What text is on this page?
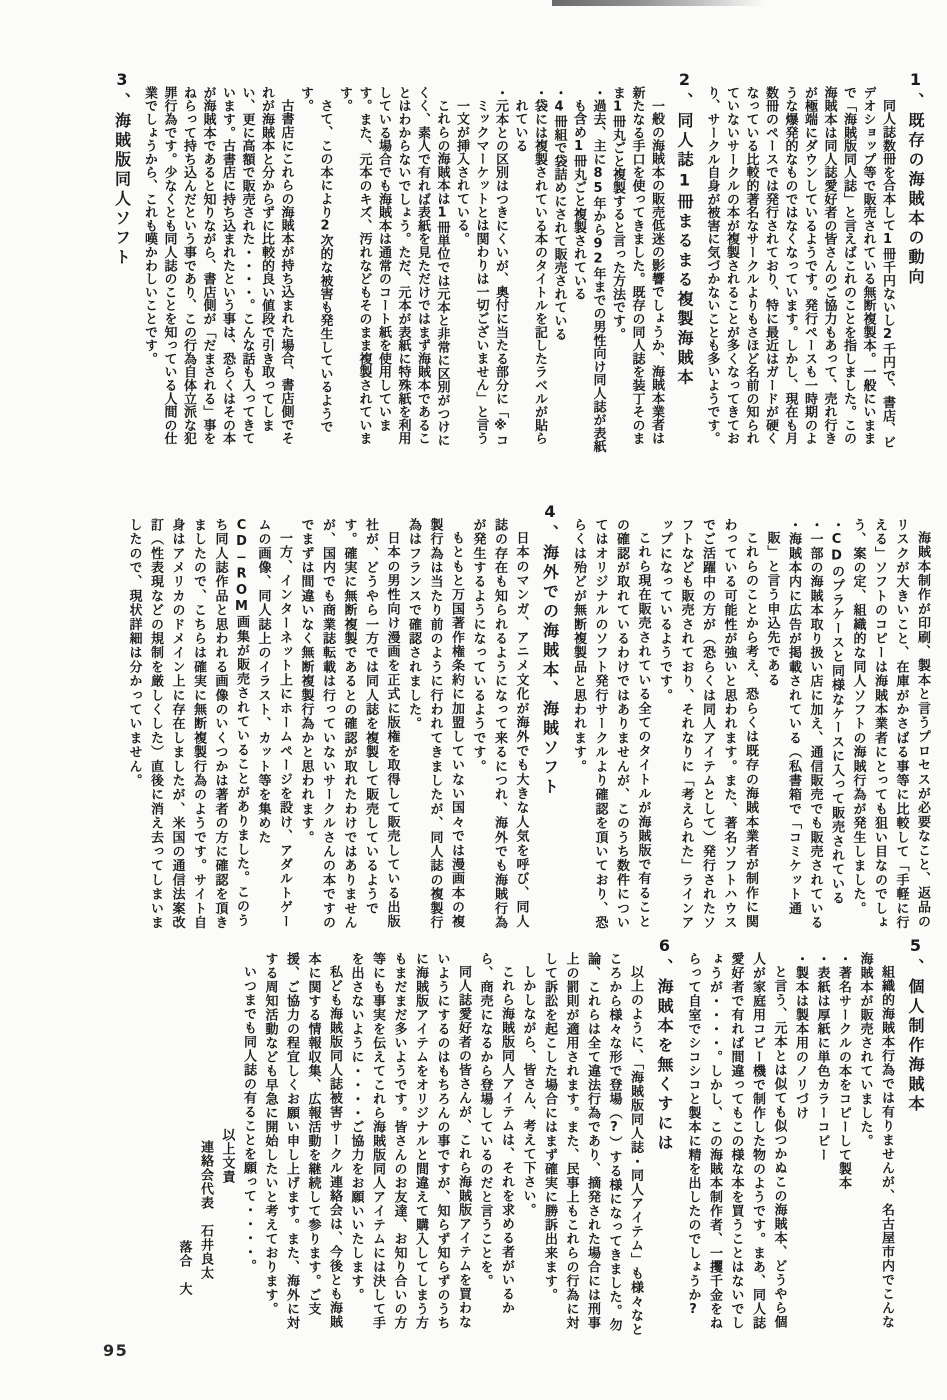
1、既存の海賊本の動向

同人誌数冊を合本して1冊千円ないし2千円で、書店、ビデオショップ等で販売されている無断複製本。一般にいままで「海賊版同人誌」と言えばこれのことを指しました。この海賊本は同人誌愛好者の皆さんのご協力もあって、売れ行きが極端にダウンしているようです。発行ペースも一時期のような爆発的なものではなくなっています。しかし、現在も月数冊のペースでは発行されており、特に最近はガードが硬くなっている比較的著名なサークルよりもさほど名前の知られていないサークルの本が複製されることが多くなってきており、サークル自身が被害に気づかないことも多いようです。

2、同人誌1冊まるまる複製海賊本

一般の海賊本の販売低迷の影響でしょうか、海賊本業者は新たなる手口を使ってきました。既存の同人誌を装丁そのまま1冊丸ごと複製すると言った方法です。

・過去、主に85年から92年までの男性向け同人誌が表紙も含め1冊丸ごと複製されている

・4冊組で袋詰めにされて販売されている

・袋には複製されている本のタイトルを記したラベルが貼られている

・元本との区別はつきにくいが、奥付に当たる部分に「※コミックマーケットとは関わりは一切ございません」と言う一文が挿入されている。

これらの海賊本は1冊単位では元本と非常に区別がつけにくく、素人で有れば表紙を見ただけではまず海賊本であることはわからないでしょう。ただ、元本が表紙に特殊紙を利用している場合でも海賊本は通常のコート紙を使用しています。また、元本のキズ、汚れなどもそのまま複製されています。

さて、この本により2次的な被害も発生しているようです。

古書店にこれらの海賊本が持ち込まれた場合、書店側でそれが海賊本と分からずに比較的良い値段で引き取ってしまい、更に高額で販売された・・・・。こんな話も入ってきています。古書店に持ち込まれたという事は、恐らくはその本が海賊本であると知りながら、書店側が「だまされる」事をねらって持ち込んだという事であり、この行為自体立派な犯罪行為です。少なくとも同人誌のことを知っている人間の仕業でしょうから、これも嘆かわしいことです。

3、海賊版同人ソフト

海賊本制作が印刷、製本と言うプロセスが必要なこと、返品のリスクが大きいこと、在庫がかさばる事等に比較して「手軽に行える」ソフトのコピーは海賊本業者にとっても狙い目なのでしょう、案の定、組織的な同人ソフトの海賊行為が発生しました。

・CDのプラケースと同様なケースに入って販売されている

・一部の海賊本取り扱い店に加え、通信販売でも販売されている

・海賊本内に広告が掲載されている（私書箱で「コミケット通販」と言う申込先である

これらのことから考え、恐らくは既存の海賊本業者が制作に関わっている可能性が強いと思われます。また、著名ソフトハウスでご活躍中の方が（恐らくは同人アイテムとして）発行されたソフトなども販売されており、それなりに「考えられた」ラインアップになっているようです。

これら現在販売されている全てのタイトルが海賊版で有ることの確認が取れているわけではありませんが、このうち数件についてはオリジナルのソフト発行サークルより確認を頂いており、恐らくは殆どが無断複製品と思われます。

4、海外での海賊本、海賊ソフト

日本のマンガ、アニメ文化が海外でも大きな人気を呼び、同人誌の存在も知られるようになって来るにつれ、海外でも海賊行為が発生するようになっているようです。

もともと万国著作権条約に加盟していない国々では漫画本の複製行為は当たり前のように行われてきましたが、同人誌の複製行為はフランスで確認されました。

日本の男性向け漫画を正式に版権を取得して販売している出版社が、どうやら一方では同人誌を複製して販売しているようです。確実に無断複製であるとの確認が取れたわけではありませんが、国内でも商業誌転載は行っていないサークルさんの本ですのでまずは間違いなく無断複製行為かと思われます。

一方、インターネット上にホームページを設け、アダルトゲームの画像、同人誌上のイラスト、カット等を集めたCD−ROM画集が販売されていることがありました。このうち同人誌作品と思われる画像のいくつかは著者の方に確認を頂きましたので、こちらは確実に無断複製行為のようです。サイト自身はアメリカのドメイン上に存在しましたが、米国の通信法案改訂（性表現などの規制を厳しくした）直後に消え去ってしまいましたので、現状詳細は分かっていません。

5、個人制作海賊本

組織的海賊本行為では有りませんが、名古屋市内でこんな海賊本が販売されていました。

・著名サークルの本をコピーして製本

・表紙は厚紙に単色カラーコピー

・製本は製本用のノリづけ

と言う、元本とは似ても似つかぬこの海賊本、どうやら個人が家庭用コピー機で制作した物のようです。まあ、同人誌愛好者で有れば間違ってもこの様な本を買うことはないでしょうが・・・・。しかし、この海賊本制作者、一攫千金をねらって自室でシコシコと製本に精を出したのでしょうか?

6、海賊本を無くすには

以上のように、「海賊版同人誌・同人アイテム」も様々なところから様々な形で登場（?）する様になってきました。勿論、これらは全て違法行為であり、摘発された場合には刑事上の罰則が適用されます。また、民事上もこれらの行為に対して訴訟を起こした場合にはまず確実に勝訴出来ます。

しかしながら、皆さん、考えて下さい。

これら海賊版同人アイテムは、それを求める者がいるから、商売になるから登場しているのだと言うことを。

同人誌愛好者の皆さんが、これら海賊版アイテムを買わないようにするのはもちろんの事ですが、知らず知らずのうちに海賊版アイテムをオリジナルと間違えて購入してしまう方もまだまだ多いようです。皆さんのお友達、お知り合いの方等にも事実を伝えてこれら海賊版同人アイテムには決して手を出さないように・・・・ご協力をお願いいたします。

私ども海賊版同人誌被害サークル連絡会は、今後とも海賊本に関する情報収集、広報活動を継続して参ります。ご支援、ご協力の程宜しくお願い申し上げます。また、海外に対する周知活動なども早急に開始したいと考えております。

いつまでも同人誌の有ることを願って・・・・。

以上文責

連絡会代表　石井良太

落合　大

95
